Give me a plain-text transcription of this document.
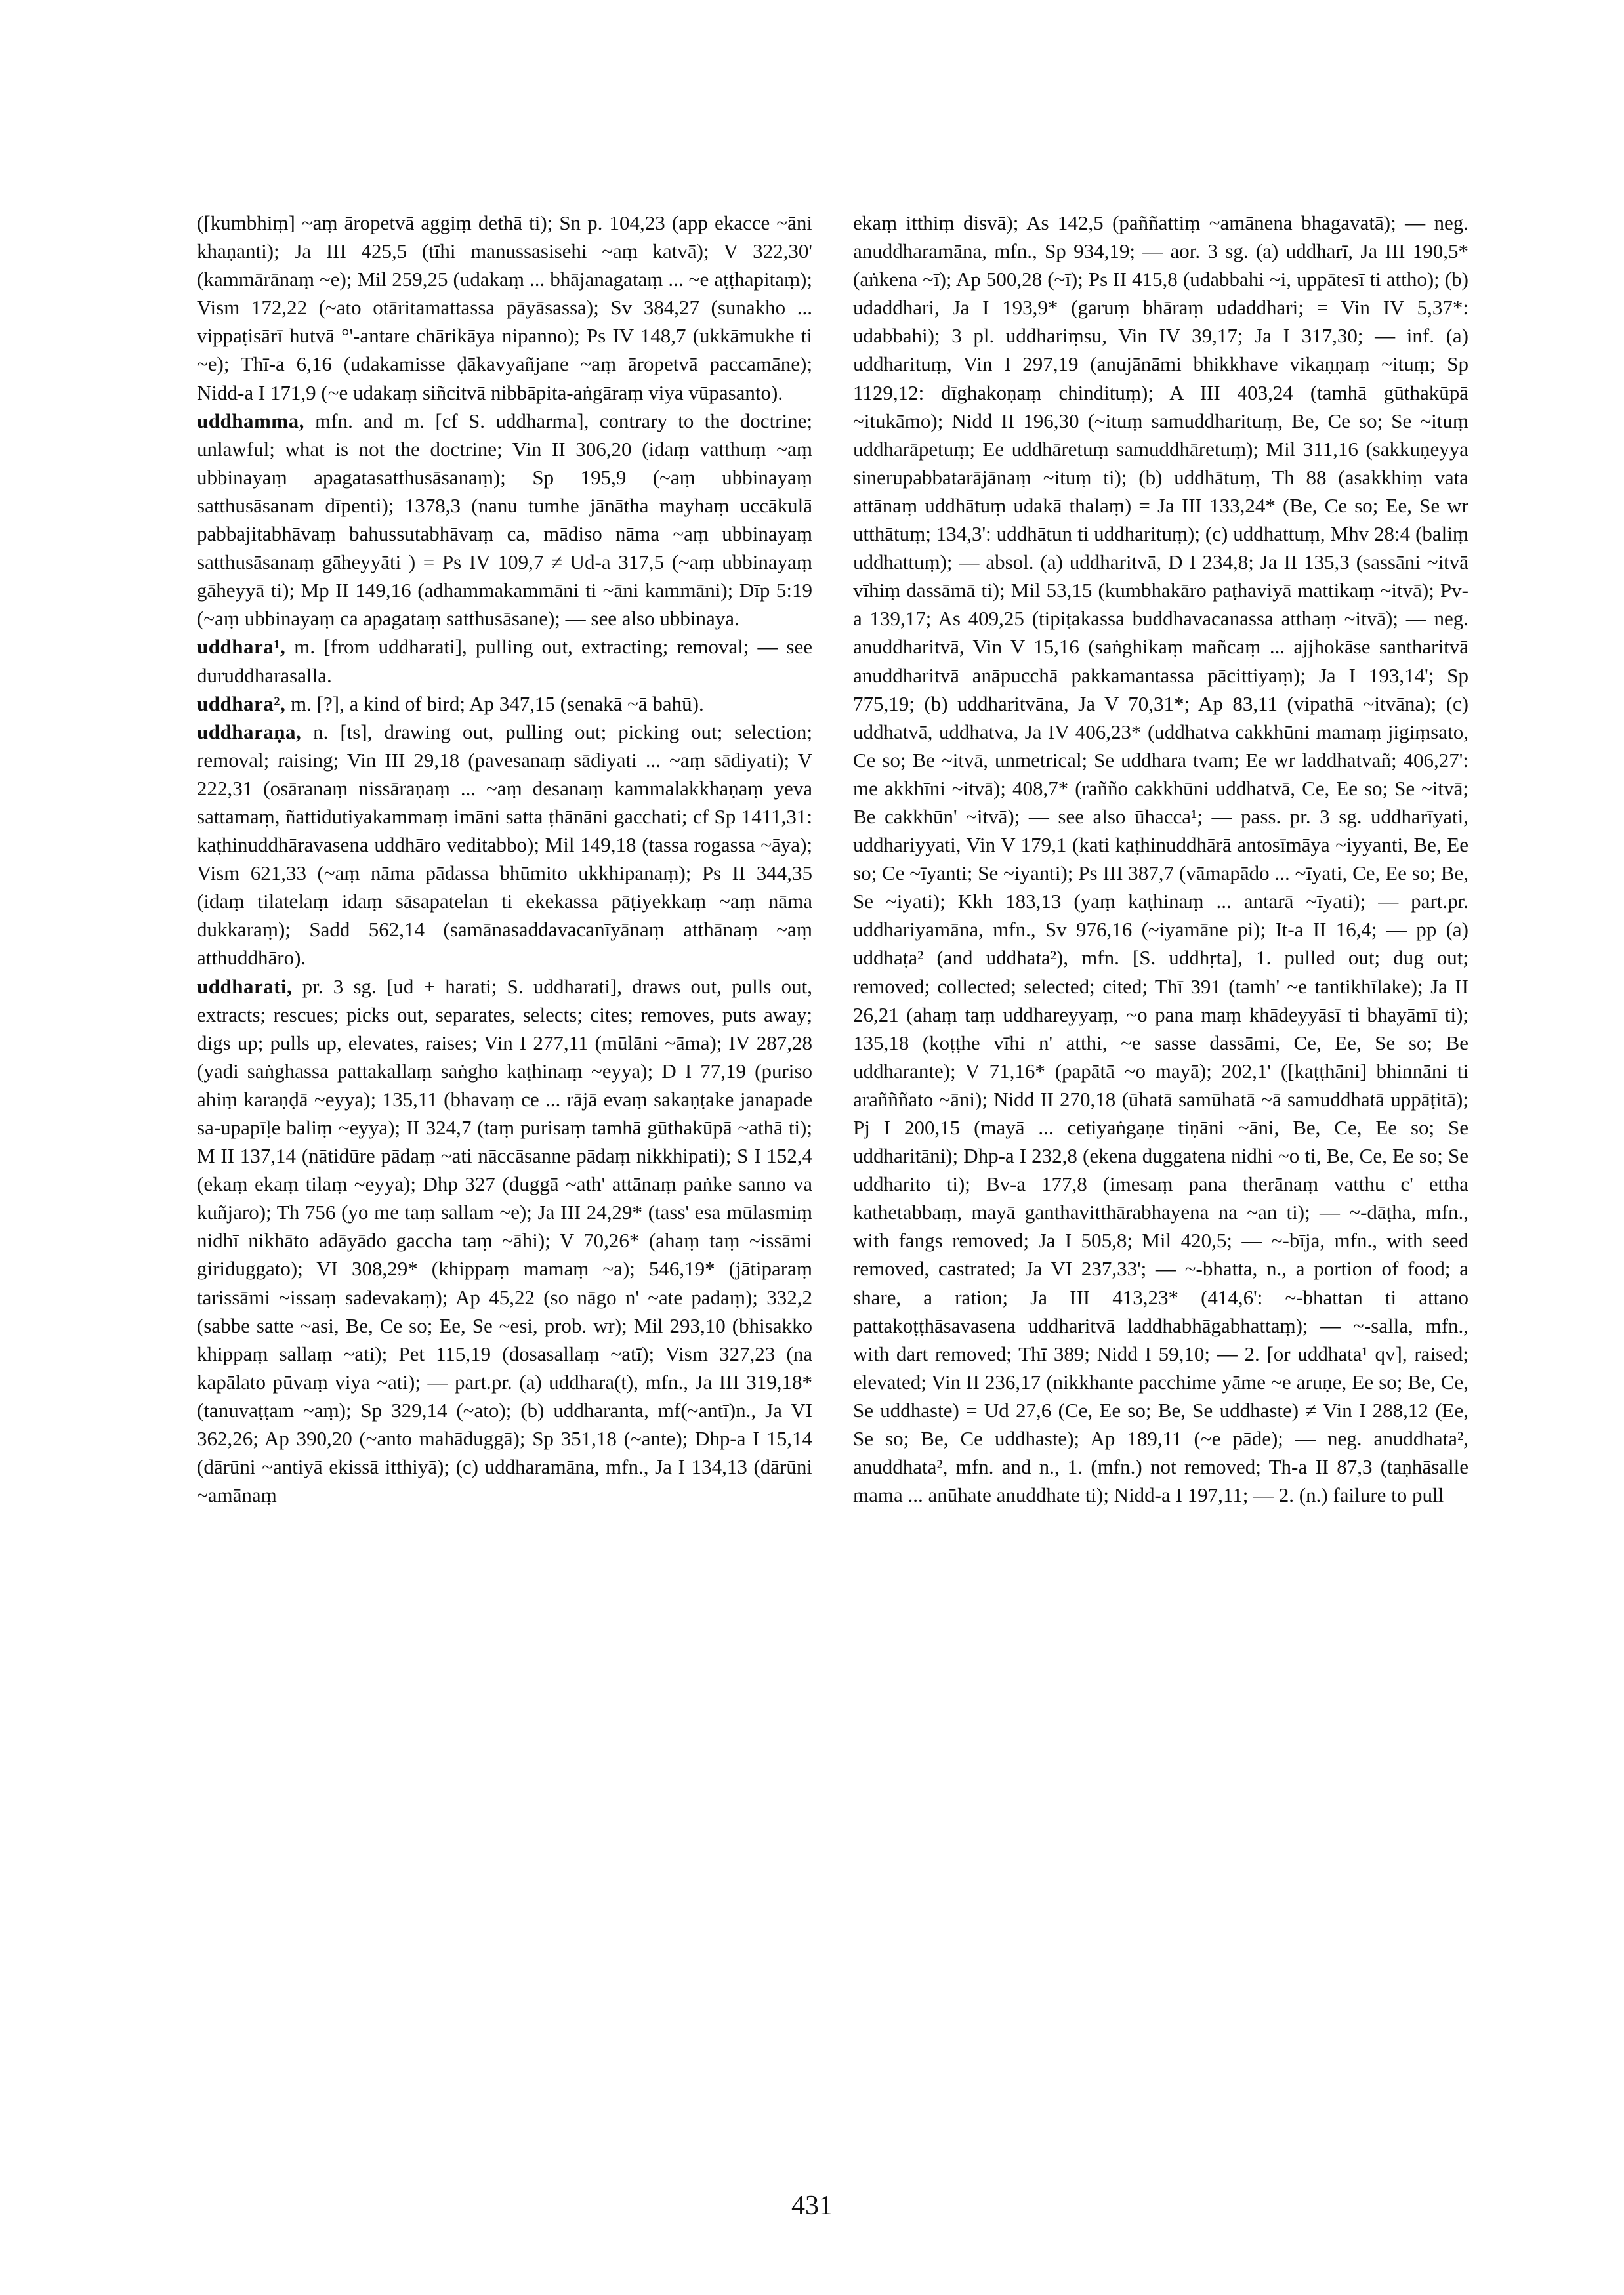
([kumbhiṃ] ~aṃ āropetvā aggiṃ dethā ti); Sn p. 104,23 (app ekacce ~āni khaṇanti); Ja III 425,5 (tīhi manussasisehi ~aṃ katvā); V 322,30' (kammārānaṃ ~e); Mil 259,25 (udakaṃ ... bhājanagataṃ ... ~e aṭṭhapitaṃ); Vism 172,22 (~ato otāritamattassa pāyāsassa); Sv 384,27 (sunakho ... vippaṭisārī hutvā °'-antare chārikāya nipanno); Ps IV 148,7 (ukkāmukhe ti ~e); Thī-a 6,16 (udakamisse ḍākavyañjane ~aṃ āropetvā paccamāne); Nidd-a I 171,9 (~e udakaṃ siñcitvā nibbāpita-aṅgāraṃ viya vūpasanto).

uddhamma, mfn. and m. [cf S. uddharma], contrary to the doctrine; unlawful; what is not the doctrine; Vin II 306,20 (idaṃ vatthuṃ ~aṃ ubbinayaṃ apagatasatthusāsanaṃ); Sp 195,9 (~aṃ ubbinayaṃ satthusāsanam dīpenti); 1378,3 (nanu tumhe jānātha mayhaṃ uccākulā pabbajitabhāvaṃ bahussutabhāvaṃ ca, mādiso nāma ~aṃ ubbinayaṃ satthusāsanaṃ gāheyyāti ) = Ps IV 109,7 ≠ Ud-a 317,5 (~aṃ ubbinayaṃ gāheyyā ti); Mp II 149,16 (adhammakammāni ti ~āni kammāni); Dīp 5:19 (~aṃ ubbinayaṃ ca apagataṃ satthusāsane); — see also ubbinaya.

uddhara¹, m. [from uddharati], pulling out, extracting; removal; — see duruddharasalla.

uddhara², m. [?], a kind of bird; Ap 347,15 (senakā ~ā bahū).

uddharaṇa, n. [ts], drawing out, pulling out; picking out; selection; removal; raising; Vin III 29,18 (pavesanaṃ sādiyati ... ~aṃ sādiyati); V 222,31 (osāranaṃ nissāraṇaṃ ... ~aṃ desanaṃ kammalakkhaṇaṃ yeva sattamaṃ, ñattidutiyakammaṃ imāni satta ṭhānāni gacchati; cf Sp 1411,31: kaṭhinuddhāravasena uddhāro veditabbo); Mil 149,18 (tassa rogassa ~āya); Vism 621,33 (~aṃ nāma pādassa bhūmito ukkhipanaṃ); Ps II 344,35 (idaṃ tilatelaṃ idaṃ sāsapatelan ti ekekassa pāṭiyekkaṃ ~aṃ nāma dukkaraṃ); Sadd 562,14 (samānasaddavacanīyānaṃ atthānaṃ ~aṃ atthuddhāro).

uddharati, pr. 3 sg. [ud + harati; S. uddharati], draws out, pulls out, extracts; rescues; picks out, separates, selects; cites; removes, puts away; digs up; pulls up, elevates, raises; Vin I 277,11 (mūlāni ~āma); IV 287,28 (yadi saṅghassa pattakallaṃ saṅgho kaṭhinaṃ ~eyya); D I 77,19 (puriso ahiṃ karaṇḍā ~eyya); 135,11 (bhavaṃ ce ... rājā evaṃ sakaṇṭake janapade sa-upapīḷe baliṃ ~eyya); II 324,7 (taṃ purisaṃ tamhā gūthakūpā ~athā ti); M II 137,14 (nātidūre pādaṃ ~ati nāccāsanne pādaṃ nikkhipati); S I 152,4 (ekaṃ ekaṃ tilaṃ ~eyya); Dhp 327 (duggā ~ath' attānaṃ paṅke sanno va kuñjaro); Th 756 (yo me taṃ sallam ~e); Ja III 24,29* (tass' esa mūlasmiṃ nidhī nikhāto adāyādo gaccha taṃ ~āhi); V 70,26* (ahaṃ taṃ ~issāmi giriduggato); VI 308,29* (khippaṃ mamaṃ ~a); 546,19* (jātiparaṃ tarissāmi ~issaṃ sadevakaṃ); Ap 45,22 (so nāgo n' ~ate padaṃ); 332,2 (sabbe satte ~asi, Be, Ce so; Ee, Se ~esi, prob. wr); Mil 293,10 (bhisakko khippaṃ sallaṃ ~ati); Pet 115,19 (dosasallaṃ ~atī); Vism 327,23 (na kapālato pūvaṃ viya ~ati); — part.pr. (a) uddhara(t), mfn., Ja III 319,18* (tanuvaṭṭam ~aṃ); Sp 329,14 (~ato); (b) uddharanta, mf(~antī)n., Ja VI 362,26; Ap 390,20 (~anto mahāduggā); Sp 351,18 (~ante); Dhp-a I 15,14 (dārūni ~antiyā ekissā itthiyā); (c) uddharamāna, mfn., Ja I 134,13 (dārūni ~amānaṃ

ekaṃ itthiṃ disvā); As 142,5 (paññattiṃ ~amānena bhagavatā); — neg. anuddharamāna, mfn., Sp 934,19; — aor. 3 sg. (a) uddharī, Ja III 190,5* (aṅkena ~ī); Ap 500,28 (~ī); Ps II 415,8 (udabbahi ~i, uppātesī ti attho); (b) udaddhari, Ja I 193,9* (garuṃ bhāraṃ udaddhari; = Vin IV 5,37*: udabbahi); 3 pl. uddhariṃsu, Vin IV 39,17; Ja I 317,30; — inf. (a) uddharituṃ, Vin I 297,19 (anujānāmi bhikkhave vikaṇṇaṃ ~ituṃ; Sp 1129,12: dīghakoṇaṃ chindituṃ); A III 403,24 (tamhā gūthakūpā ~itukāmo); Nidd II 196,30 (~ituṃ samuddharituṃ, Be, Ce so; Se ~ituṃ uddharāpetuṃ; Ee uddhāretuṃ samuddhāretuṃ); Mil 311,16 (sakkuṇeyya sinerupabbatarājānaṃ ~ituṃ ti); (b) uddhātuṃ, Th 88 (asakkhiṃ vata attānaṃ uddhātuṃ udakā thalaṃ) = Ja III 133,24* (Be, Ce so; Ee, Se wr utthātuṃ; 134,3': uddhātun ti uddharituṃ); (c) uddhattuṃ, Mhv 28:4 (baliṃ uddhattuṃ); — absol. (a) uddharitvā, D I 234,8; Ja II 135,3 (sassāni ~itvā vīhiṃ dassāmā ti); Mil 53,15 (kumbhakāro paṭhaviyā mattikaṃ ~itvā); Pv-a 139,17; As 409,25 (tipiṭakassa buddhavacanassa atthaṃ ~itvā); — neg. anuddharitvā, Vin V 15,16 (saṅghikaṃ mañcaṃ ... ajjhokāse santharitvā anuddharitvā anāpucchā pakkamantassa pācittiyaṃ); Ja I 193,14'; Sp 775,19; (b) uddharitvāna, Ja V 70,31*; Ap 83,11 (vipathā ~itvāna); (c) uddhatvā, uddhatva, Ja IV 406,23* (uddhatva cakkhūni mamaṃ jigiṃsato, Ce so; Be ~itvā, unmetrical; Se uddhara tvam; Ee wr laddhatvañ; 406,27': me akkhīni ~itvā); 408,7* (rañño cakkhūni uddhatvā, Ce, Ee so; Se ~itvā; Be cakkhūn' ~itvā); — see also ūhacca¹; — pass. pr. 3 sg. uddharīyati, uddhariyyati, Vin V 179,1 (kati kaṭhinuddhārā antosīmāya ~iyyanti, Be, Ee so; Ce ~īyanti; Se ~iyanti); Ps III 387,7 (vāmapādo ... ~īyati, Ce, Ee so; Be, Se ~iyati); Kkh 183,13 (yaṃ kaṭhinaṃ ... antarā ~īyati); — part.pr. uddhariyamāna, mfn., Sv 976,16 (~iyamāne pi); It-a II 16,4; — pp (a) uddhaṭa² (and uddhata²), mfn. [S. uddhṛta], 1. pulled out; dug out; removed; collected; selected; cited; Thī 391 (tamh' ~e tantikhīlake); Ja II 26,21 (ahaṃ taṃ uddhareyyaṃ, ~o pana maṃ khādeyyāsī ti bhayāmī ti); 135,18 (koṭṭhe vīhi n' atthi, ~e sasse dassāmi, Ce, Ee, Se so; Be uddharante); V 71,16* (papātā ~o mayā); 202,1' ([kaṭṭhāni] bhinnāni ti arañññato ~āni); Nidd II 270,18 (ūhatā samūhatā ~ā samuddhatā uppāṭitā); Pj I 200,15 (mayā ... cetiyaṅgaṇe tiṇāni ~āni, Be, Ce, Ee so; Se uddharitāni); Dhp-a I 232,8 (ekena duggatena nidhi ~o ti, Be, Ce, Ee so; Se uddharito ti); Bv-a 177,8 (imesaṃ pana therānaṃ vatthu c' ettha kathetabbaṃ, mayā ganthavitthārabhayena na ~an ti); — ~-dāṭha, mfn., with fangs removed; Ja I 505,8; Mil 420,5; — ~-bīja, mfn., with seed removed, castrated; Ja VI 237,33'; — ~-bhatta, n., a portion of food; a share, a ration; Ja III 413,23* (414,6': ~-bhattan ti attano pattakoṭṭhāsavasena uddharitvā laddhabhāgabhattaṃ); — ~-salla, mfn., with dart removed; Thī 389; Nidd I 59,10; — 2. [or uddhata¹ qv], raised; elevated; Vin II 236,17 (nikkhante pacchime yāme ~e aruṇe, Ee so; Be, Ce, Se uddhaste) = Ud 27,6 (Ce, Ee so; Be, Se uddhaste) ≠ Vin I 288,12 (Ee, Se so; Be, Ce uddhaste); Ap 189,11 (~e pāde); — neg. anuddhata², anuddhata², mfn. and n., 1. (mfn.) not removed; Th-a II 87,3 (taṇhāsalle mama ... anūhate anuddhate ti); Nidd-a I 197,11; — 2. (n.) failure to pull

431
